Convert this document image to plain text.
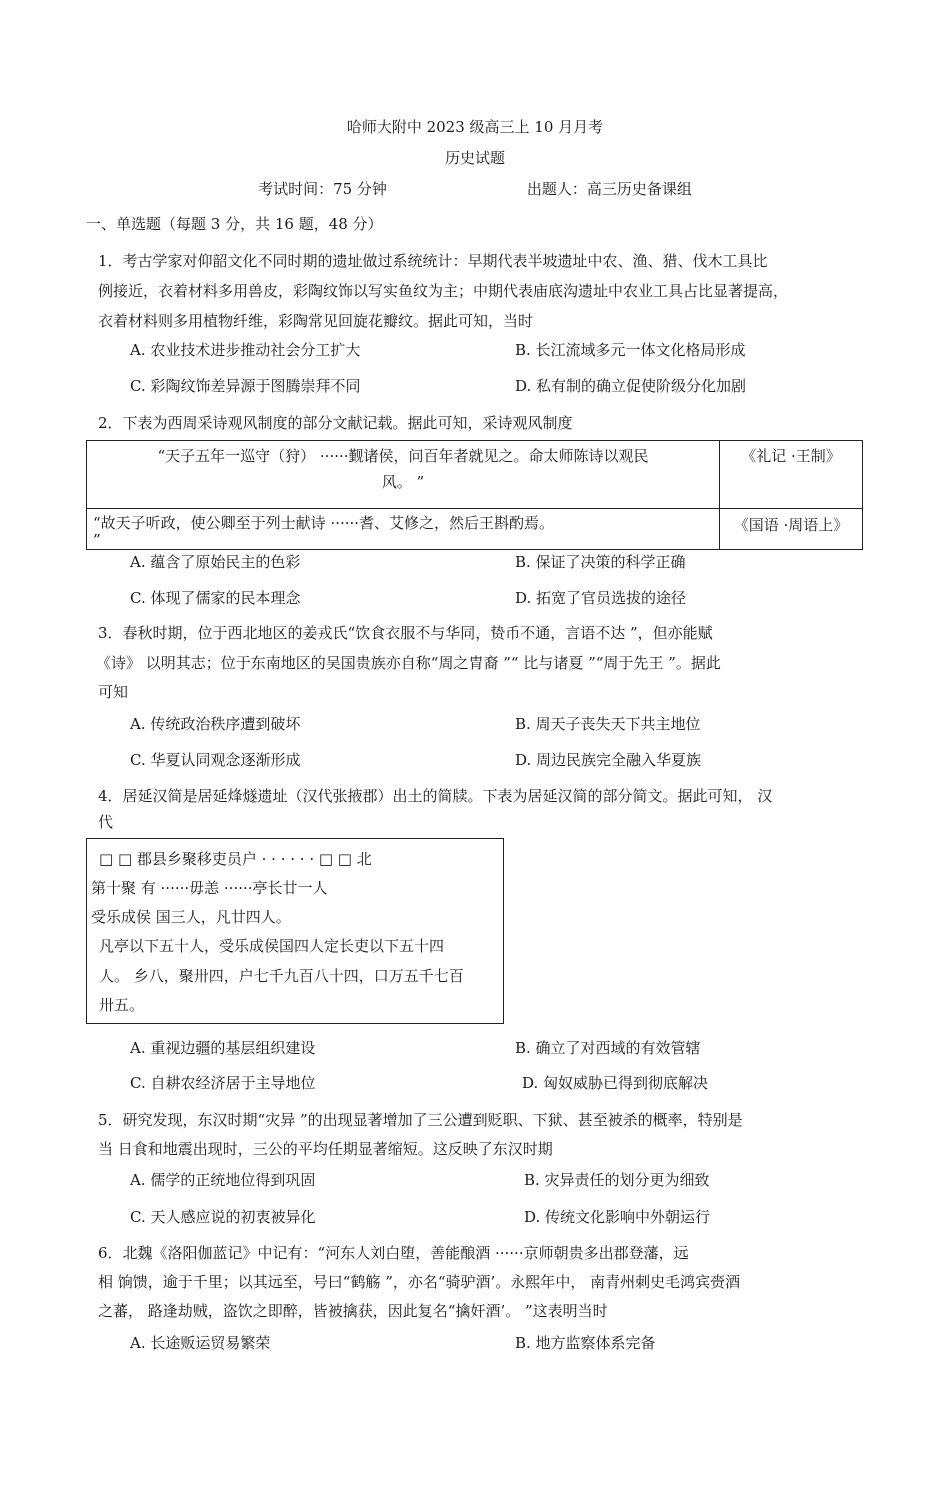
哈师大附中 2023 级高三上 10 月月考
历史试题
考试时间：75 分钟	出题人：高三历史备课组
一、单选题（每题 3 分，共 16 题，48 分）
1．考古学家对仰韶文化不同时期的遗址做过系统统计：早期代表半坡遗址中农、渔、猎、伐木工具比
例接近，衣着材料多用兽皮，彩陶纹饰以写实鱼纹为主；中期代表庙底沟遗址中农业工具占比显著提高，
衣着材料则多用植物纤维，彩陶常见回旋花瓣纹。据此可知，当时
A. 农业技术进步推动社会分工扩大	B. 长江流域多元一体文化格局形成
C. 彩陶纹饰差异源于图腾崇拜不同	D. 私有制的确立促使阶级分化加剧
2．下表为西周采诗观风制度的部分文献记载。据此可知，采诗观风制度
“天子五年一巡守（狩） ······觐诸侯，问百年者就见之。命太师陈诗以观民
风。 ”	《礼记 ·王制》

“故天子听政，使公卿至于列士献诗 ······耆、艾修之，然后王斟酌焉。
”	《国语 ·周语上》
A. 蕴含了原始民主的色彩	B. 保证了决策的科学正确
C. 体现了儒家的民本理念	D. 拓宽了官员选拔的途径
3．春秋时期，位于西北地区的姜戎氏“饮食衣服不与华同，贽币不通，言语不达 ”，但亦能赋
《诗》 以明其志；位于东南地区的吴国贵族亦自称“周之胄裔 ”“ 比与诸夏 ”“周于先王 ”。据此
可知
A. 传统政治秩序遭到破坏	B. 周天子丧失天下共主地位
C. 华夏认同观念逐渐形成	D. 周边民族完全融入华夏族
4．居延汉简是居延烽燧遗址（汉代张掖郡）出土的简牍。下表为居延汉简的部分简文。据此可知， 汉
代
□ □ 郡县乡聚移吏员户 · · · · · · □ □ 北
第十聚 有 ······毋恙 ······亭长廿一人
受乐成侯 国三人，凡廿四人。
凡亭以下五十人，受乐成侯国四人定长吏以下五十四
人。 乡八，聚卅四，户七千九百八十四，口万五千七百
卅五。
A. 重视边疆的基层组织建设	B. 确立了对西域的有效管辖
C. 自耕农经济居于主导地位	D. 匈奴威胁已得到彻底解决
5．研究发现，东汉时期“灾异 ”的出现显著增加了三公遭到贬职、下狱、甚至被杀的概率，特别是
当 日食和地震出现时，三公的平均任期显著缩短。这反映了东汉时期
A. 儒学的正统地位得到巩固	B. 灾异责任的划分更为细致
C. 天人感应说的初衷被异化	D. 传统文化影响中外朝运行
6．北魏《洛阳伽蓝记》中记有：“河东人刘白堕，善能酿酒 ······京师朝贵多出郡登藩，远
相 饷馈，逾于千里；以其远至，号曰“鹤觞 ”，亦名“骑驴酒’。永熙年中， 南青州刺史毛鸿宾赍酒
之蕃， 路逢劫贼，盗饮之即醉，皆被擒获，因此复名“擒奸酒’。 ”这表明当时
A. 长途贩运贸易繁荣	B. 地方监察体系完备
